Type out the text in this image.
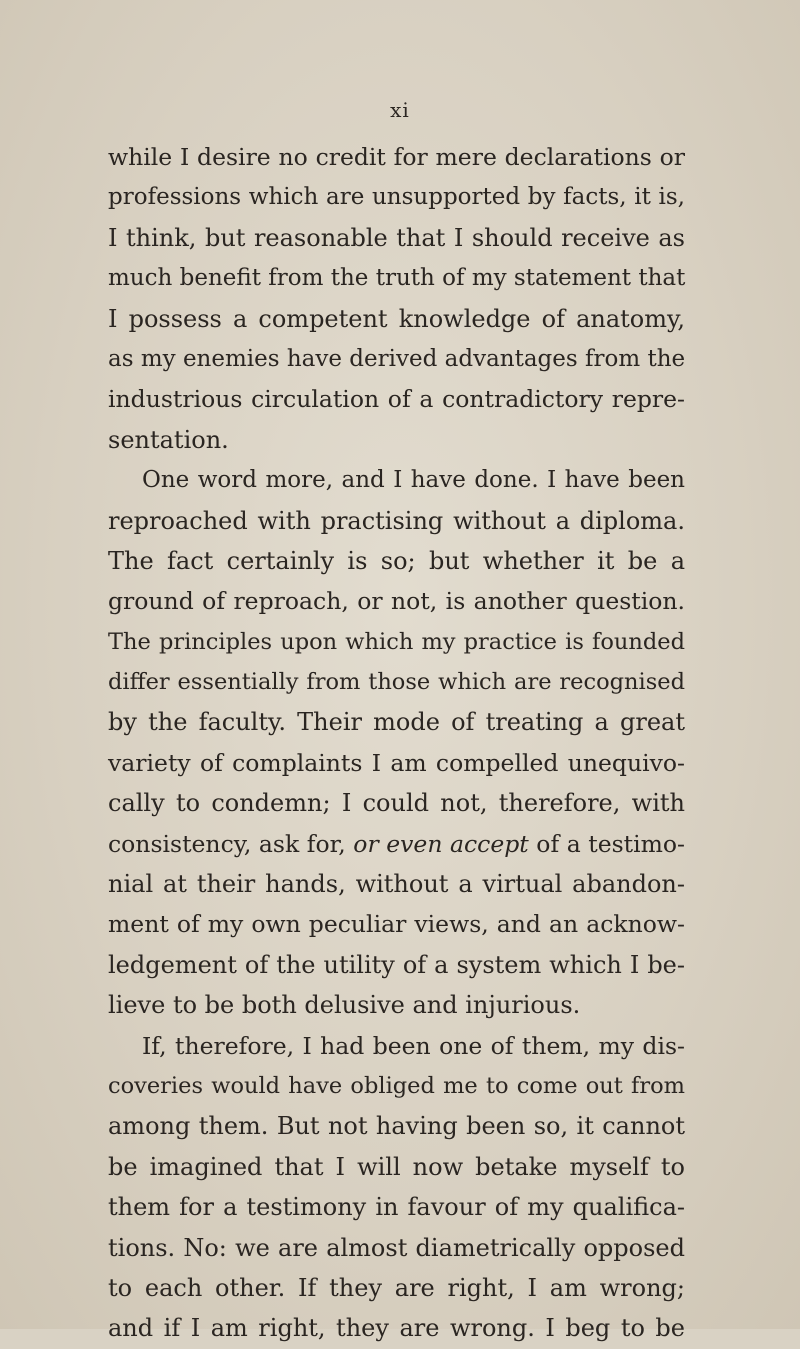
xi
while I desire no credit for mere declarations or
professions which are unsupported by facts, it is,
I think, but reasonable that I should receive as
much benefit from the truth of my statement that
I possess a competent knowledge of anatomy,
as my enemies have derived advantages from the
industrious circulation of a contradictory repre-
sentation.
One word more, and I have done. I have been
reproached with practising without a diploma.
The fact certainly is so; but whether it be a
ground of reproach, or not, is another question.
The principles upon which my practice is founded
differ essentially from those which are recognised
by the faculty. Their mode of treating a great
variety of complaints I am compelled unequivo-
cally to condemn; I could not, therefore, with
consistency, ask for, or even accept of a testimo-
nial at their hands, without a virtual abandon-
ment of my own peculiar views, and an acknow-
ledgement of the utility of a system which I be-
lieve to be both delusive and injurious.
If, therefore, I had been one of them, my dis-
coveries would have obliged me to come out from
among them. But not having been so, it cannot
be imagined that I will now betake myself to
them for a testimony in favour of my qualifica-
tions. No: we are almost diametrically opposed
to each other. If they are right, I am wrong;
and if I am right, they are wrong. I beg to be
